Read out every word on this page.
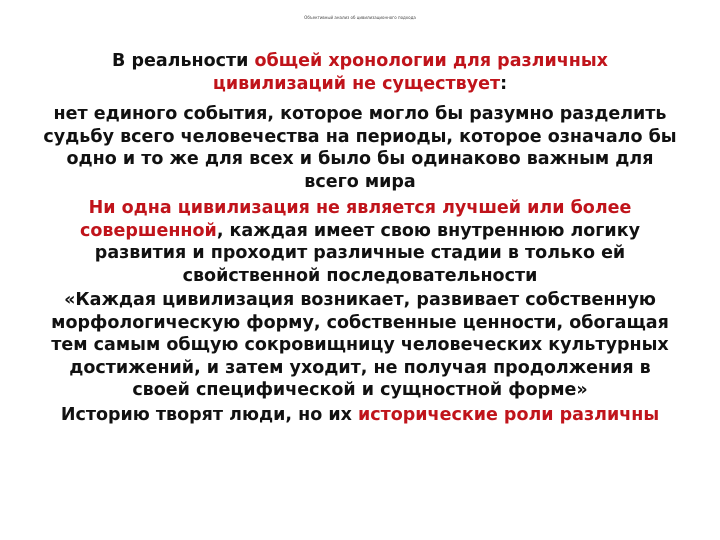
Объективный анализ об цивилизационного подхода

В реальности общей хронологии для различных цивилизаций не существует:

нет единого события, которое могло бы разумно разделить судьбу всего человечества на периоды, которое означало бы одно и то же для всех и было бы одинаково важным для всего мира

Ни одна цивилизация не является лучшей или более совершенной, каждая имеет свою внутреннюю логику развития и проходит различные стадии в только ей свойственной последовательности

«Каждая цивилизация возникает, развивает собственную морфологическую форму, собственные ценности, обогащая тем самым общую сокровищницу человеческих культурных достижений, и затем уходит, не получая продолжения в своей специфической и сущностной форме»

Историю творят люди, но их исторические роли различны
